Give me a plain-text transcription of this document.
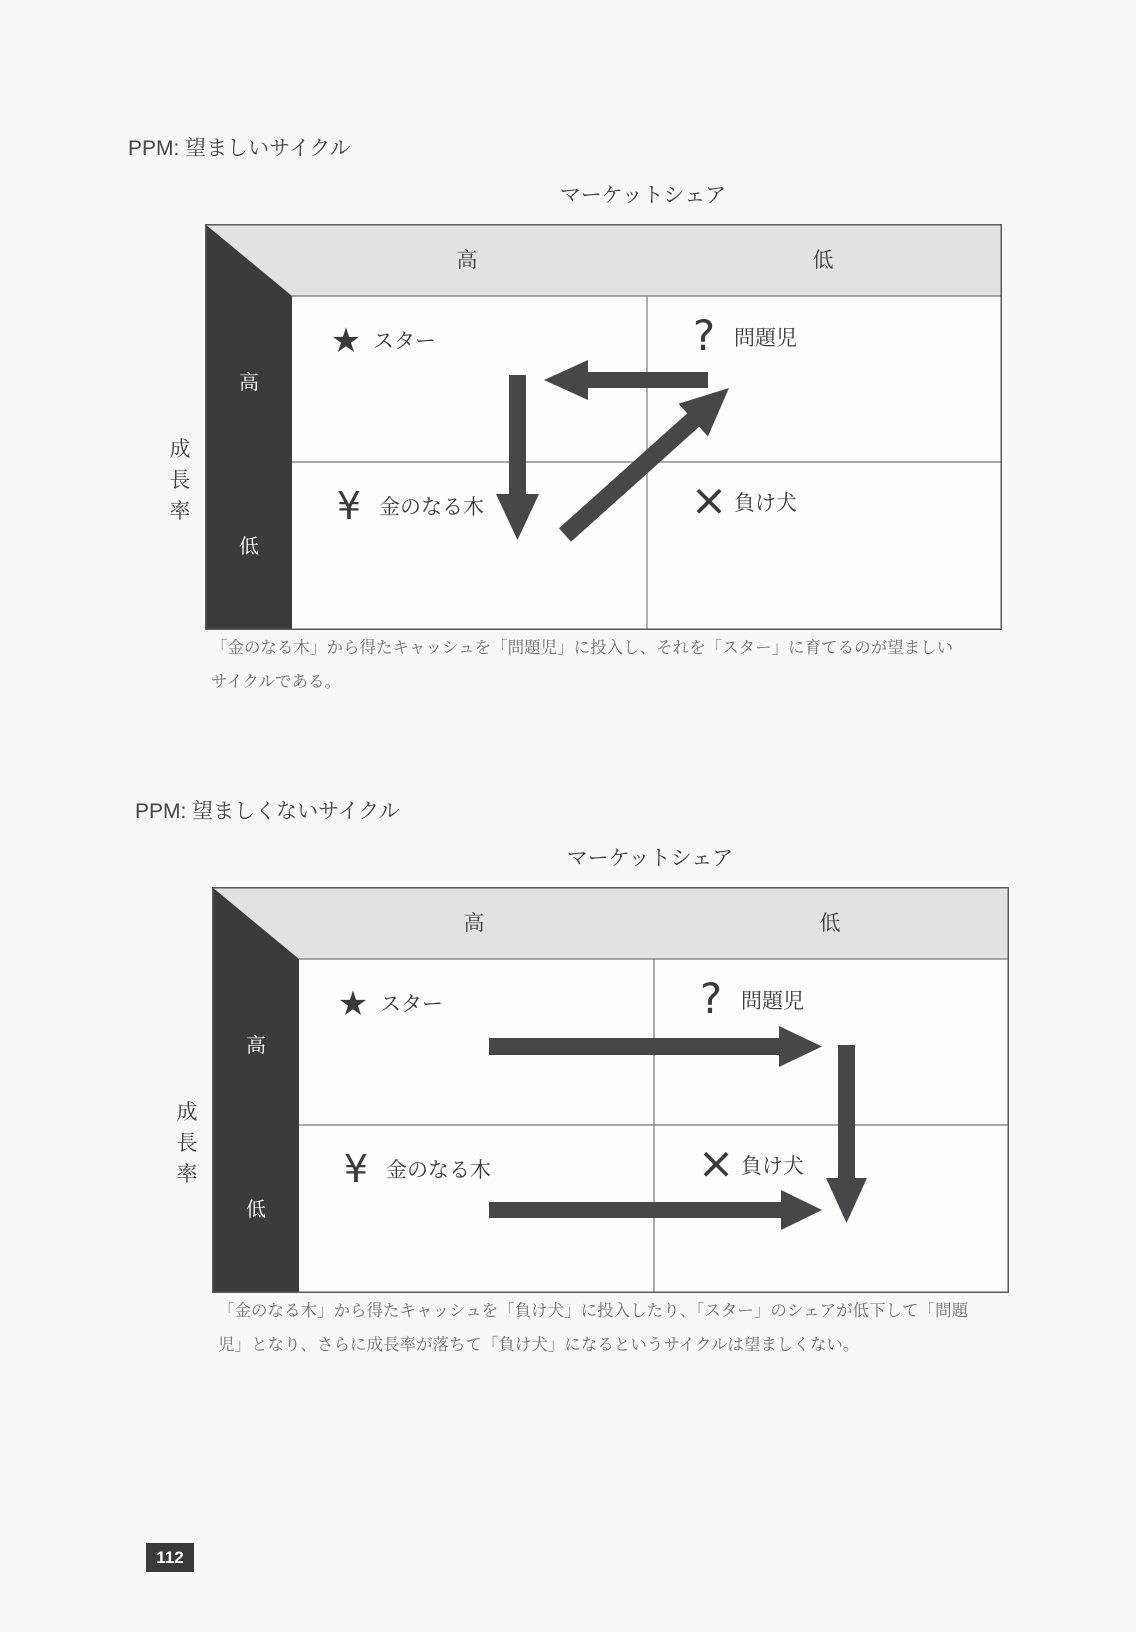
PPM: 望ましいサイクル
マーケットシェア
成長率
高	低
高
低
★ スター	? 問題児
¥ 金のなる木	× 負け犬
「金のなる木」から得たキャッシュを「問題児」に投入し、それを「スター」に育てるのが望ましい
サイクルである。
PPM: 望ましくないサイクル
マーケットシェア
成長率
高	低
高
低
★ スター	? 問題児
¥ 金のなる木	× 負け犬
「金のなる木」から得たキャッシュを「負け犬」に投入したり、「スター」のシェアが低下して「問題
児」となり、さらに成長率が落ちて「負け犬」になるというサイクルは望ましくない。
112
